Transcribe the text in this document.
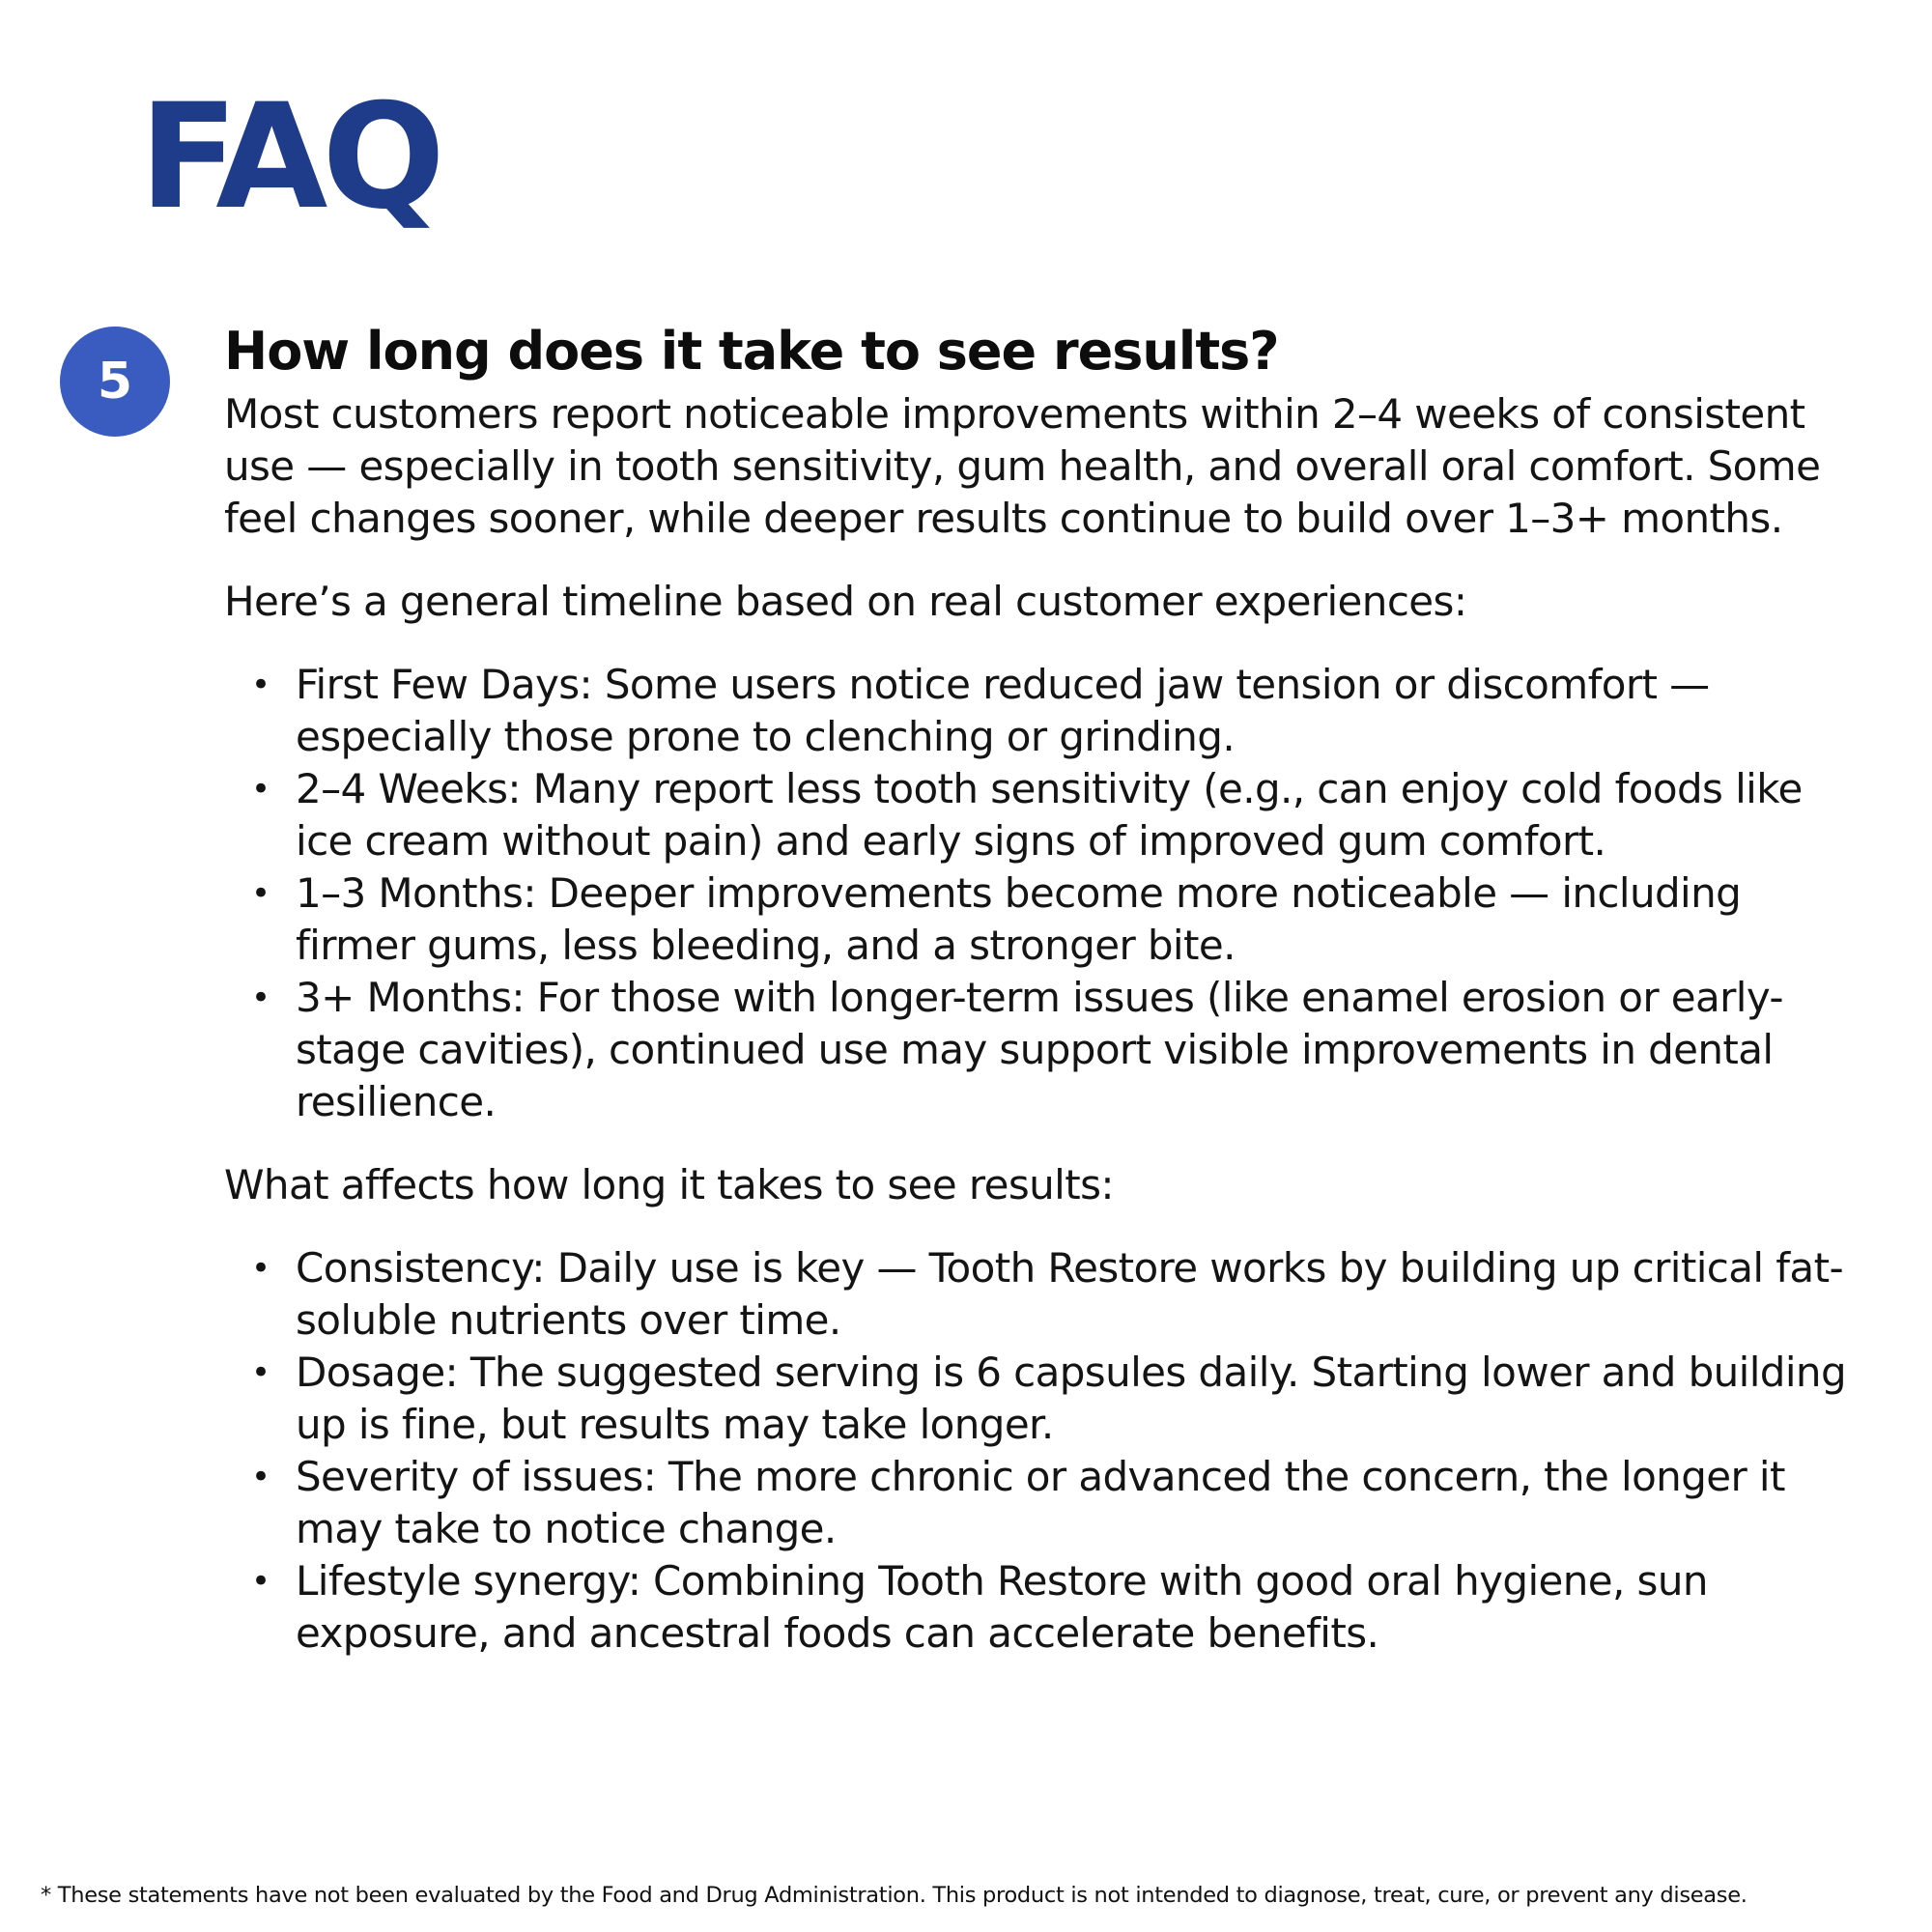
FAQ
5	How long does it take to see results?

Most customers report noticeable improvements within 2–4 weeks of consistent use — especially in tooth sensitivity, gum health, and overall oral comfort. Some feel changes sooner, while deeper results continue to build over 1–3+ months.

Here’s a general timeline based on real customer experiences:

• First Few Days: Some users notice reduced jaw tension or discomfort — especially those prone to clenching or grinding.
• 2–4 Weeks: Many report less tooth sensitivity (e.g., can enjoy cold foods like ice cream without pain) and early signs of improved gum comfort.
• 1–3 Months: Deeper improvements become more noticeable — including firmer gums, less bleeding, and a stronger bite.
• 3+ Months: For those with longer-term issues (like enamel erosion or early-stage cavities), continued use may support visible improvements in dental resilience.

What affects how long it takes to see results:

• Consistency: Daily use is key — Tooth Restore works by building up critical fat-soluble nutrients over time.
• Dosage: The suggested serving is 6 capsules daily. Starting lower and building up is fine, but results may take longer.
• Severity of issues: The more chronic or advanced the concern, the longer it may take to notice change.
• Lifestyle synergy: Combining Tooth Restore with good oral hygiene, sun exposure, and ancestral foods can accelerate benefits.
* These statements have not been evaluated by the Food and Drug Administration. This product is not intended to diagnose, treat, cure, or prevent any disease.
